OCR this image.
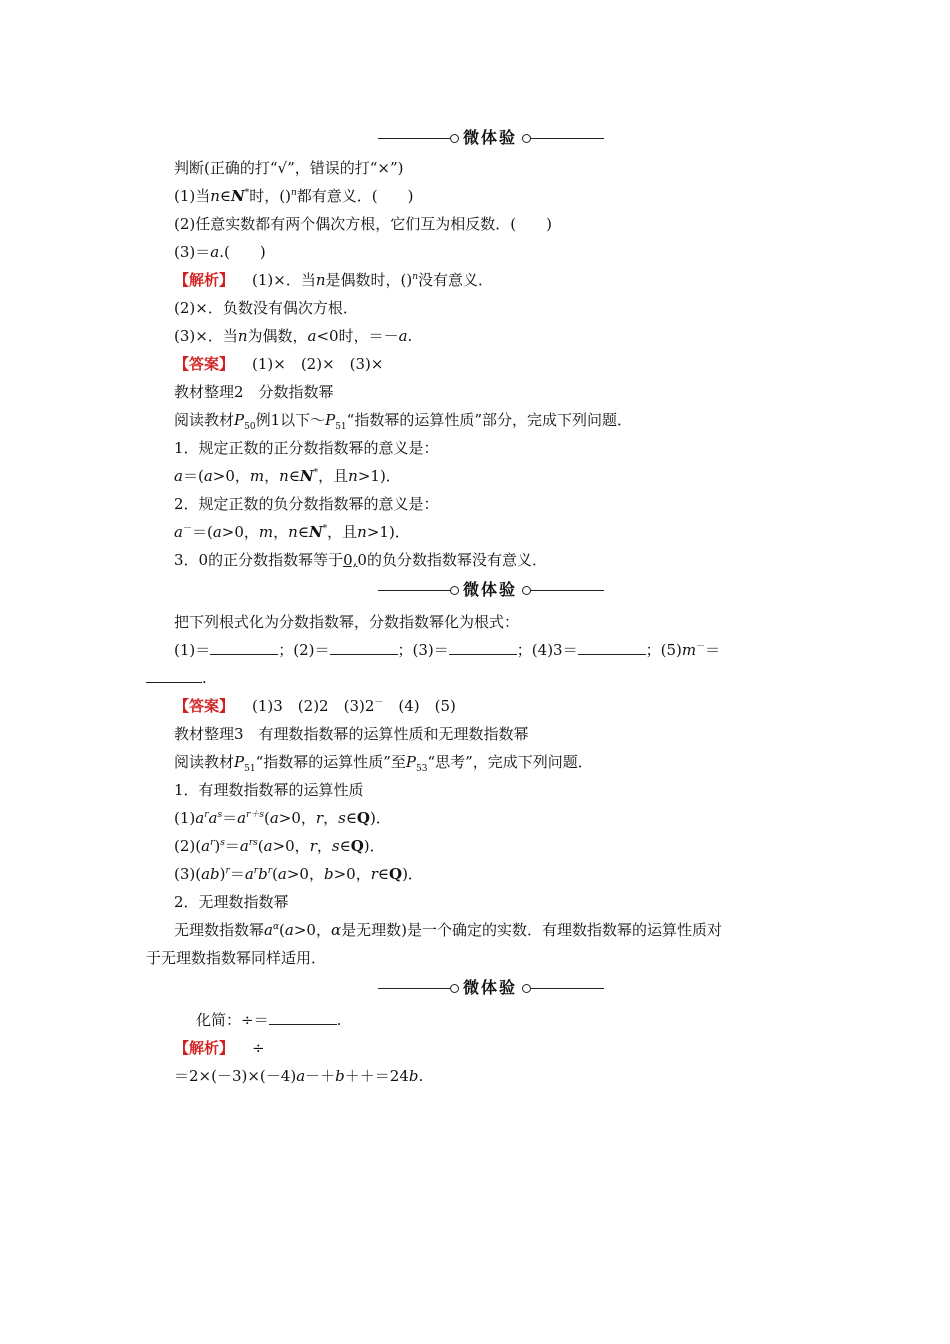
微体验
判断(正确的打“√”，错误的打“×”)
(1)当n∈N*时，()$^n$都有意义．(　　)
(2)任意实数都有两个偶次方根，它们互为相反数．(　　)
(3)＝a.(　　)
【解析】 (1)×．当n是偶数时，()$^n$没有意义．
(2)×．负数没有偶次方根．
(3)×．当n为偶数，a<0时，＝－a.
【答案】 (1)×　(2)×　(3)×
教材整理2　分数指数幂
阅读教材$P_{50}$例1以下$\sim P_{51}“$指数幂的运算性质”部分，完成下列问题．
1．规定正数的正分数指数幂的意义是：
a＝(a>0，m，n∈N*，且n>1)．
2．规定正数的负分数指数幂的意义是：
a－＝(a>0，m，n∈N*，且n>1)．
3．0的正分数指数幂等于0,0的负分数指数幂没有意义．
微体验
把下列根式化为分数指数幂，分数指数幂化为根式：
(1)＝	；(2)＝	；(3)＝	；(4)3＝	；(5)m－＝
.
【答案】 (1)3　(2)2　(3)2－　(4)　(5)
教材整理3　有理数指数幂的运算性质和无理数指数幂
阅读教材$P_{51}“$指数幂的运算性质”至$P_{53}“$思考”，完成下列问题．
1．有理数指数幂的运算性质
$(1)a^ra^s=a^{r+s}(a>0$，r，s∈Q)．
$(2)(a^r)^s=a^{rs}(a>0$，r，s∈Q)．
$(3)(ab)^r=a^rb^r(a>0$，b>0，r∈Q)．
2．无理数指数幂
无理数指数幂$a^\alpha(a>0$，α是无理数)是一个确定的实数．有理数指数幂的运算性质对
于无理数指数幂同样适用．
微体验
化简：÷＝	.
【解析】 ÷
＝2×(－3)×(－4)a－＋b＋＋＝24b.
